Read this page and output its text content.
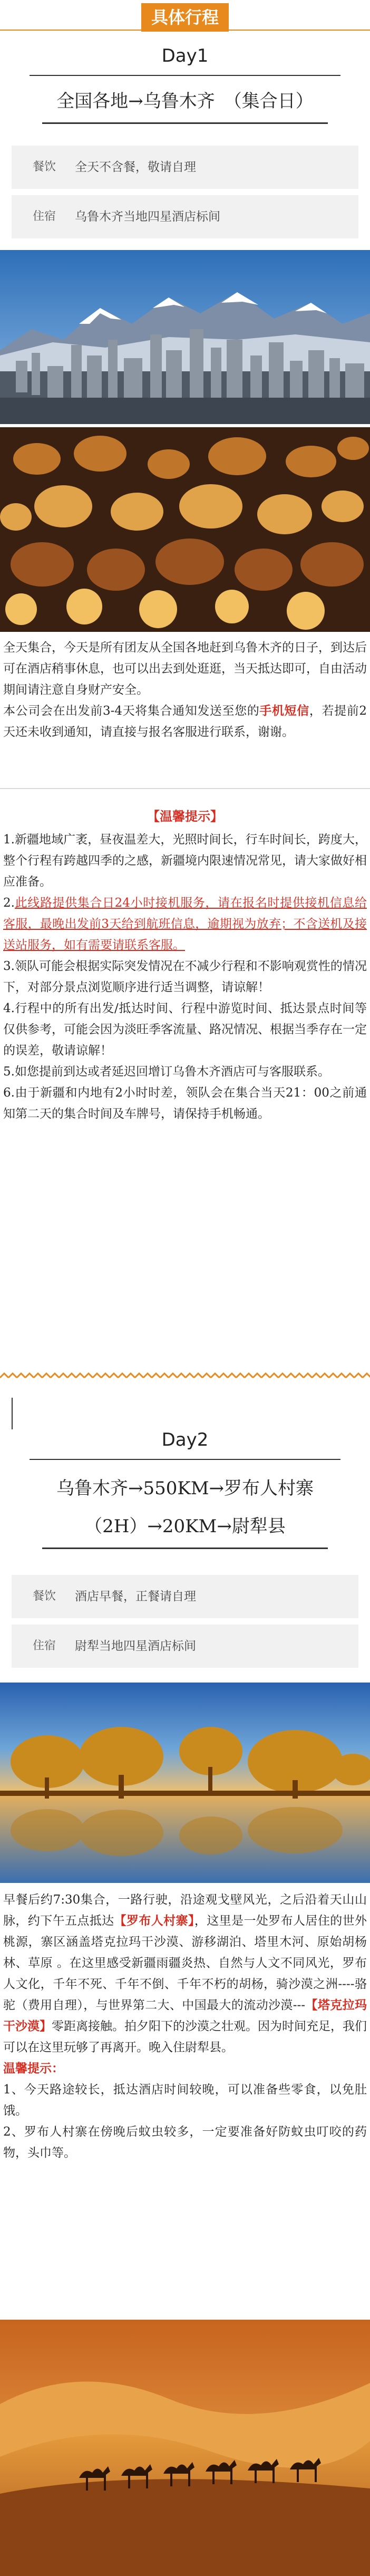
具体行程
Day1
全国各地→乌鲁木齐　（集合日）
餐饮 全天不含餐，敬请自理
住宿 乌鲁木齐当地四星酒店标间

全天集合，今天是所有团友从全国各地赶到乌鲁木齐的日子，到达后可在酒店稍事休息，也可以出去到处逛逛，当天抵达即可，自由活动期间请注意自身财产安全。

本公司会在出发前3-4天将集合通知发送至您的手机短信，若提前2天还未收到通知，请直接与报名客服进行联系，谢谢。

【温馨提示】

1.新疆地域广袤，昼夜温差大，光照时间长，行车时间长，跨度大，整个行程有跨越四季的之感，新疆境内限速情况常见，请大家做好相应准备。

2.此线路提供集合日24小时接机服务，请在报名时提供接机信息给客服，最晚出发前3天给到航班信息，逾期视为放弃；不含送机及接送站服务，如有需要请联系客服。

3.领队可能会根据实际突发情况在不减少行程和不影响观赏性的情况下，对部分景点浏览顺序进行适当调整，请谅解！

4.行程中的所有出发/抵达时间、行程中游览时间、抵达景点时间等仅供参考，可能会因为淡旺季客流量、路况情况、根据当季存在一定的误差，敬请谅解！

5.如您提前到达或者延迟回增订乌鲁木齐酒店可与客服联系。

6.由于新疆和内地有2小时时差，领队会在集合当天21：00之前通知第二天的集合时间及车牌号，请保持手机畅通。

Day2
乌鲁木齐→550KM→罗布人村寨
（2H）→20KM→尉犁县
餐饮 酒店早餐，正餐请自理
住宿 尉犁当地四星酒店标间

早餐后约7:30集合，一路行驶，沿途观戈壁风光，之后沿着天山山脉，约下午五点抵达【罗布人村寨】，这里是一处罗布人居住的世外桃源，寨区涵盖塔克拉玛干沙漠、游移湖泊、塔里木河、原始胡杨林、草原 。在这里感受新疆雨疆炎热、自然与人文不同风光，罗布人文化，千年不死、千年不倒、千年不朽的胡杨，骑沙漠之洲----骆驼（费用自理），与世界第二大、中国最大的流动沙漠---【塔克拉玛干沙漠】零距离接触。拍夕阳下的沙漠之壮观。因为时间充足，我们可以在这里玩够了再离开。晚入住尉犁县。

温馨提示：

1、今天路途较长，抵达酒店时间较晚，可以准备些零食，以免肚饿。

2、罗布人村寨在傍晚后蚊虫较多，一定要准备好防蚊虫叮咬的药物，头巾等。
